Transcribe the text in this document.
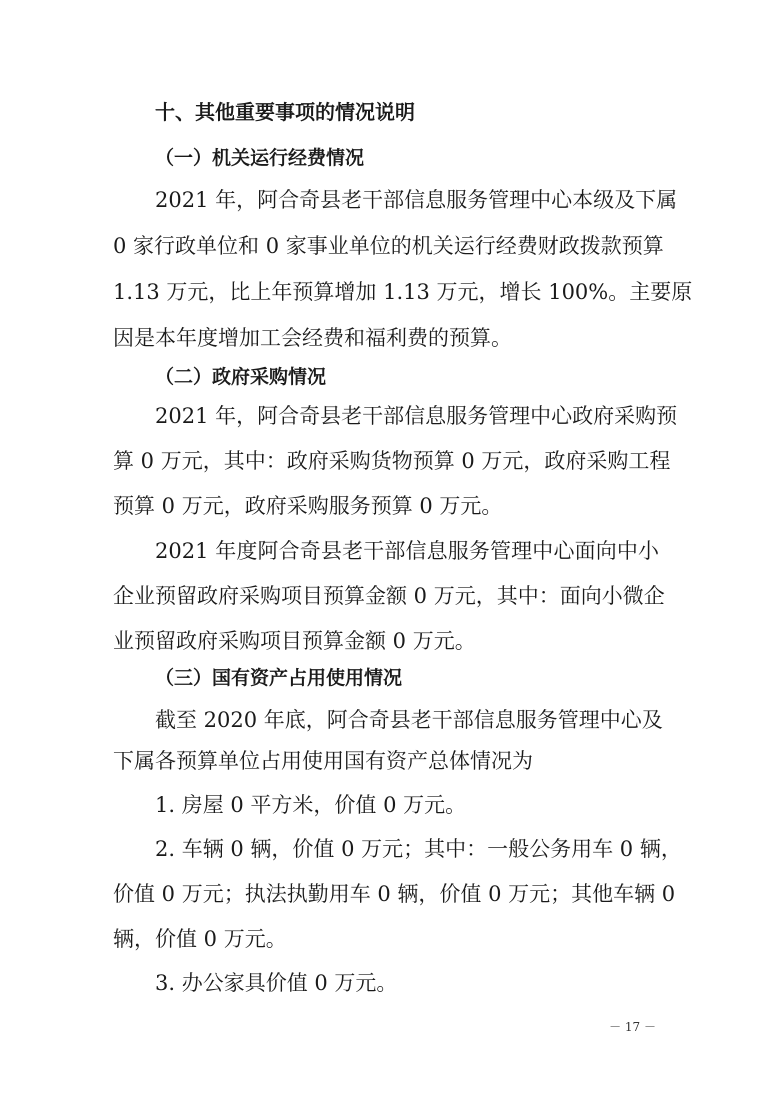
十、其他重要事项的情况说明
（一）机关运行经费情况
2021 年，阿合奇县老干部信息服务管理中心本级及下属
0 家行政单位和 0 家事业单位的机关运行经费财政拨款预算
1.13 万元，比上年预算增加 1.13 万元，增长 100%。主要原
因是本年度增加工会经费和福利费的预算。
（二）政府采购情况
2021 年，阿合奇县老干部信息服务管理中心政府采购预
算 0 万元，其中：政府采购货物预算 0 万元，政府采购工程
预算 0 万元，政府采购服务预算 0 万元。
2021 年度阿合奇县老干部信息服务管理中心面向中小
企业预留政府采购项目预算金额 0 万元，其中：面向小微企
业预留政府采购项目预算金额 0 万元。
（三）国有资产占用使用情况
截至 2020 年底，阿合奇县老干部信息服务管理中心及
下属各预算单位占用使用国有资产总体情况为
1. 房屋 0 平方米，价值 0 万元。
2. 车辆 0 辆，价值 0 万元；其中：一般公务用车 0 辆，
价值 0 万元；执法执勤用车 0 辆，价值 0 万元；其他车辆 0
辆，价值 0 万元。
3. 办公家具价值 0 万元。
－ 17 －
